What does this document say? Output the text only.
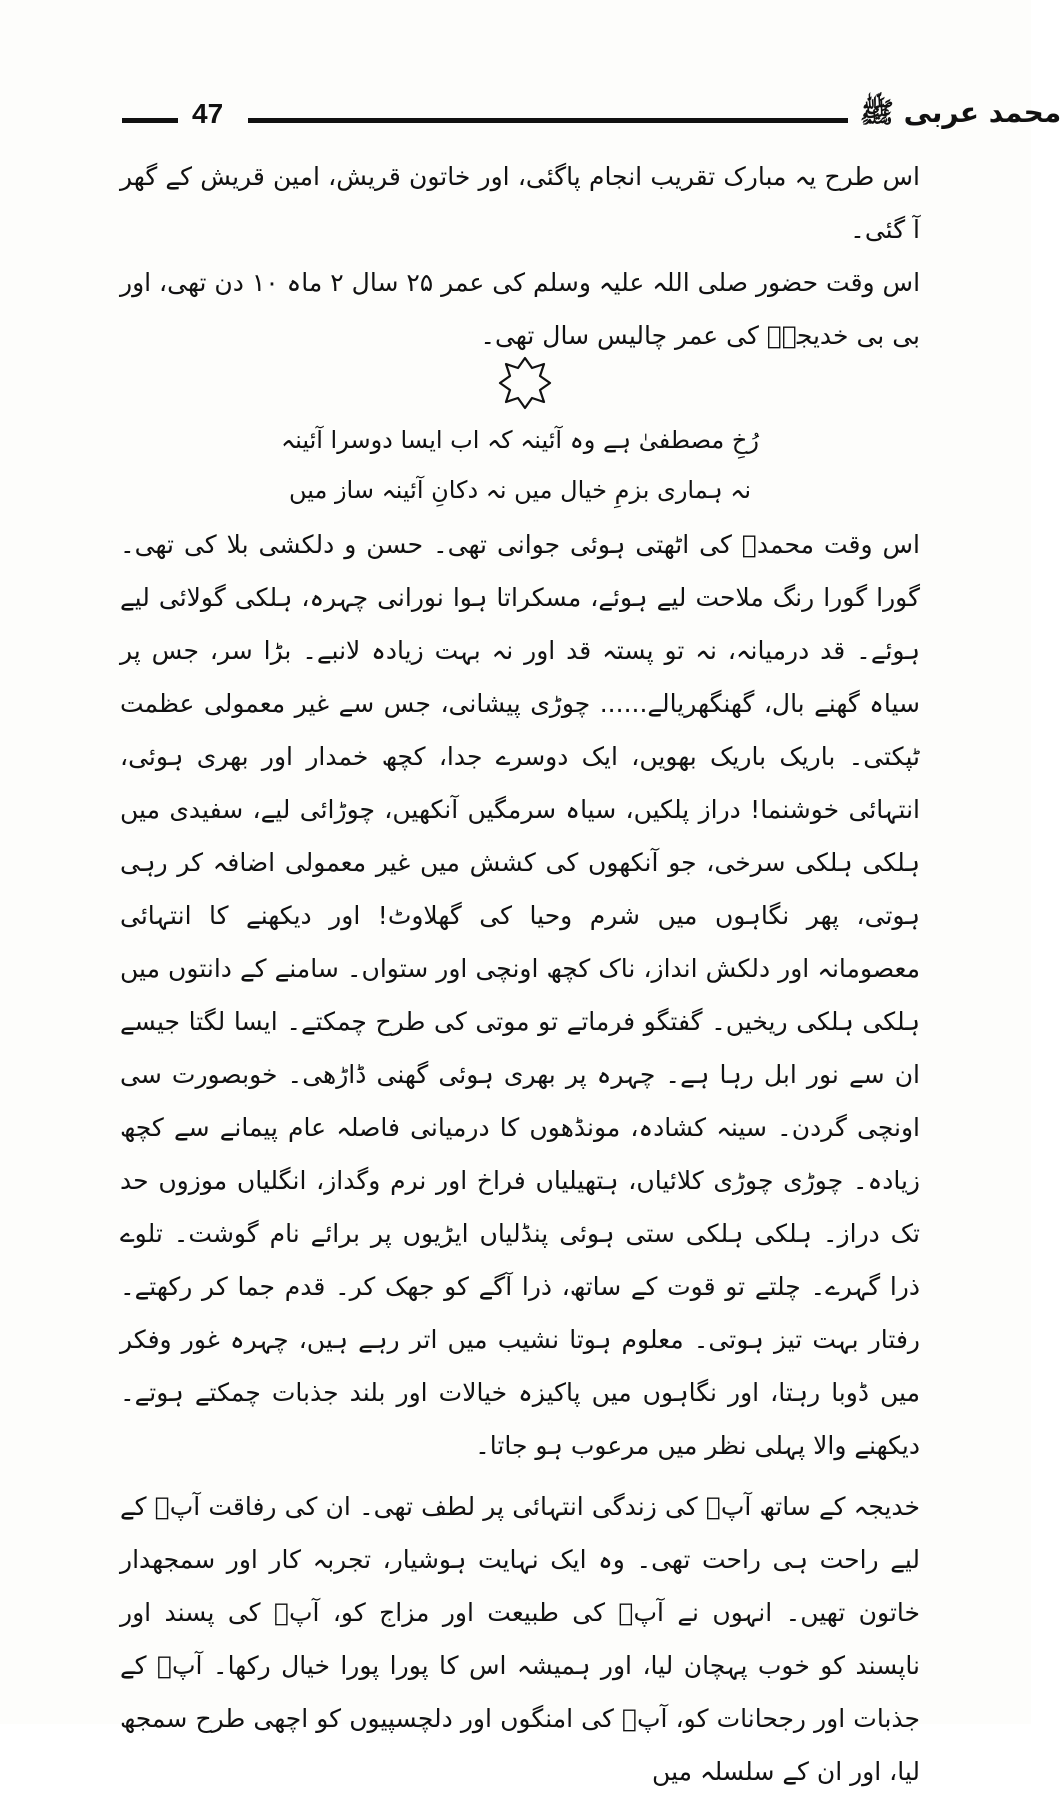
47	محمد عربی ﷺ

اس طرح یہ مبارک تقریب انجام پاگئی، اور خاتون قریش، امین قریش کے گھر آ گئی۔

اس وقت حضور صلی اللہ علیہ وسلم کی عمر ۲۵ سال ۲ ماہ ۱۰ دن تھی، اور بی بی خدیجہؓ کی عمر چالیس سال تھی۔

رُخِ مصطفیٰ ہے وہ آئینہ کہ اب ایسا دوسرا آئینہ
نہ ہماری بزمِ خیال میں نہ دکانِ آئینہ ساز میں

اس وقت محمدؐ کی اٹھتی ہوئی جوانی تھی۔ حسن و دلکشی بلا کی تھی۔ گورا گورا رنگ ملاحت لیے ہوئے، مسکراتا ہوا نورانی چہرہ، ہلکی گولائی لیے ہوئے۔ قد درمیانہ، نہ تو پستہ قد اور نہ بہت زیادہ لانبے۔ بڑا سر، جس پر سیاہ گھنے بال، گھنگھریالے...... چوڑی پیشانی، جس سے غیر معمولی عظمت ٹپکتی۔ باریک باریک بھویں، ایک دوسرے جدا، کچھ خمدار اور بھری ہوئی، انتہائی خوشنما! دراز پلکیں، سیاہ سرمگیں آنکھیں، چوڑائی لیے، سفیدی میں ہلکی ہلکی سرخی، جو آنکھوں کی کشش میں غیر معمولی اضافہ کر رہی ہوتی، پھر نگاہوں میں شرم وحیا کی گھلاوٹ! اور دیکھنے کا انتہائی معصومانہ اور دلکش انداز، ناک کچھ اونچی اور ستواں۔ سامنے کے دانتوں میں ہلکی ہلکی ریخیں۔ گفتگو فرماتے تو موتی کی طرح چمکتے۔ ایسا لگتا جیسے ان سے نور ابل رہا ہے۔ چہرہ پر بھری ہوئی گھنی ڈاڑھی۔ خوبصورت سی اونچی گردن۔ سینہ کشادہ، مونڈھوں کا درمیانی فاصلہ عام پیمانے سے کچھ زیادہ۔ چوڑی چوڑی کلائیاں، ہتھیلیاں فراخ اور نرم وگداز، انگلیاں موزوں حد تک دراز۔ ہلکی ہلکی ستی ہوئی پنڈلیاں ایڑیوں پر برائے نام گوشت۔ تلوے ذرا گہرے۔ چلتے تو قوت کے ساتھ، ذرا آگے کو جھک کر۔ قدم جما کر رکھتے۔ رفتار بہت تیز ہوتی۔ معلوم ہوتا نشیب میں اتر رہے ہیں، چہرہ غور وفکر میں ڈوبا رہتا، اور نگاہوں میں پاکیزہ خیالات اور بلند جذبات چمکتے ہوتے۔ دیکھنے والا پہلی نظر میں مرعوب ہو جاتا۔

خدیجہ کے ساتھ آپؐ کی زندگی انتہائی پر لطف تھی۔ ان کی رفاقت آپؐ کے لیے راحت ہی راحت تھی۔ وہ ایک نہایت ہوشیار، تجربہ کار اور سمجھدار خاتون تھیں۔ انہوں نے آپؐ کی طبیعت اور مزاج کو، آپؐ کی پسند اور ناپسند کو خوب پہچان لیا، اور ہمیشہ اس کا پورا پورا خیال رکھا۔ آپؐ کے جذبات اور رجحانات کو، آپؐ کی امنگوں اور دلچسپیوں کو اچھی طرح سمجھ لیا، اور ان کے سلسلہ میں
